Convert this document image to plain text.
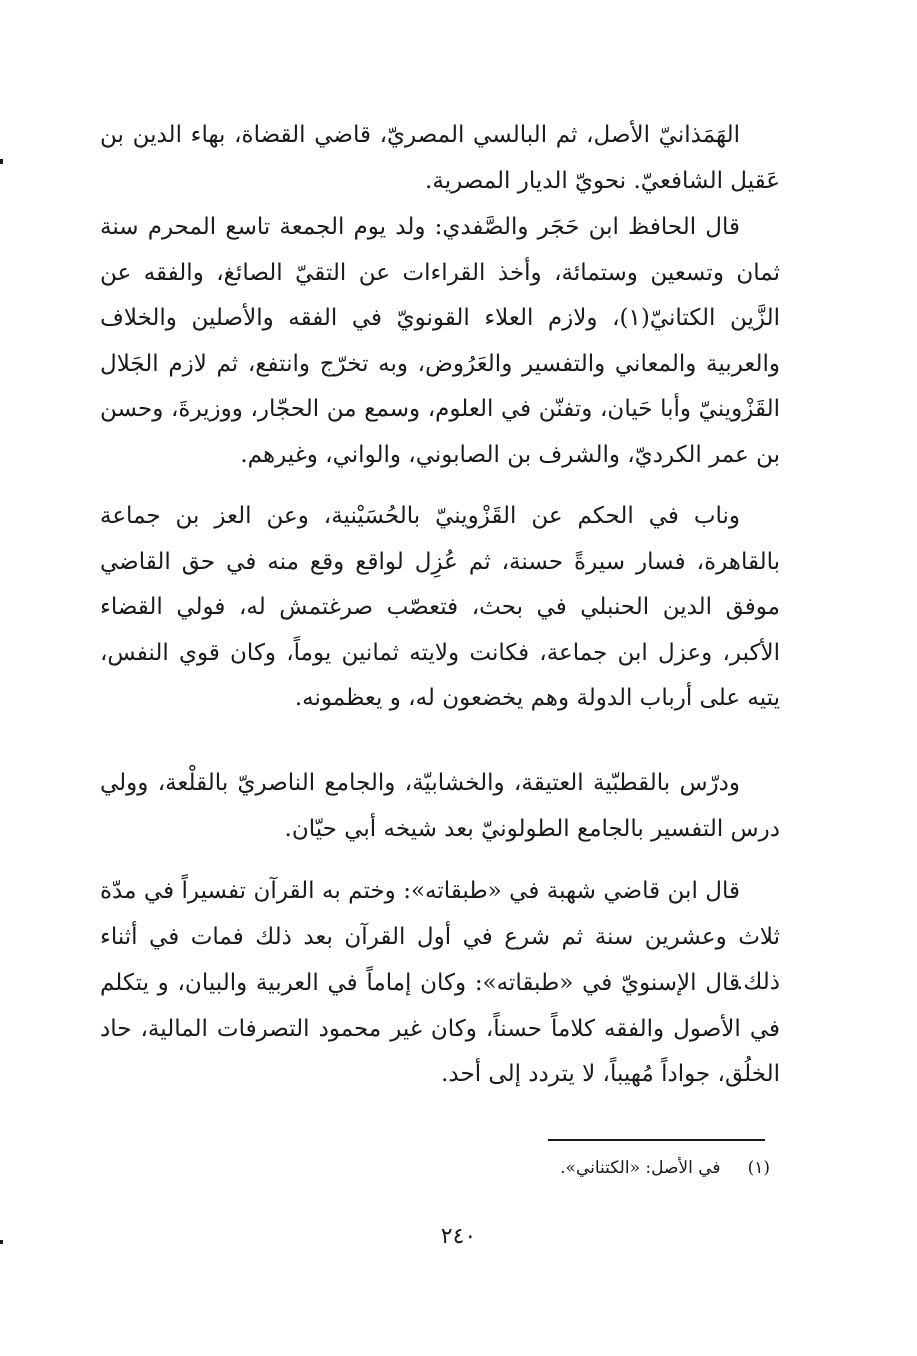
الهَمَذانيّ الأصل، ثم البالسي المصريّ، قاضي القضاة، بهاء الدين بن عَقيل الشافعيّ. نحويّ الديار المصرية.

قال الحافظ ابن حَجَر والصَّفدي: ولد يوم الجمعة تاسع المحرم سنة ثمان وتسعين وستمائة، وأخذ القراءات عن التقيّ الصائغ، والفقه عن الزَّين الكتانيّ(١)، ولازم العلاء القونويّ في الفقه والأصلين والخلاف والعربية والمعاني والتفسير والعَرُوض، وبه تخرّج وانتفع، ثم لازم الجَلال القَزْوينيّ وأبا حَيان، وتفنّن في العلوم، وسمع من الحجّار، ووزيرةَ، وحسن بن عمر الكرديّ، والشرف بن الصابوني، والواني، وغيرهم.

وناب في الحكم عن القَزْوينيّ بالحُسَيْنية، وعن العز بن جماعة بالقاهرة، فسار سيرةً حسنة، ثم عُزِل لواقع وقع منه في حق القاضي موفق الدين الحنبلي في بحث، فتعصّب صرغتمش له، فولي القضاء الأكبر، وعزل ابن جماعة، فكانت ولايته ثمانين يوماً، وكان قوي النفس، يتيه على أرباب الدولة وهم يخضعون له، و يعظمونه.

ودرّس بالقطبّية العتيقة، والخشابيّة، والجامع الناصريّ بالقلْعة، وولي درس التفسير بالجامع الطولونيّ بعد شيخه أبي حيّان.

قال ابن قاضي شهبة في «طبقاته»: وختم به القرآن تفسيراً في مدّة ثلاث وعشرين سنة ثم شرع في أول القرآن بعد ذلك فمات في أثناء ذلك.

قال الإسنويّ في «طبقاته»: وكان إماماً في العربية والبيان، و يتكلم في الأصول والفقه كلاماً حسناً، وكان غير محمود التصرفات المالية، حاد الخلُق، جواداً مُهيباً، لا يتردد إلى أحد.

(١)     في الأصل: «الكتناني».
٢٤٠
